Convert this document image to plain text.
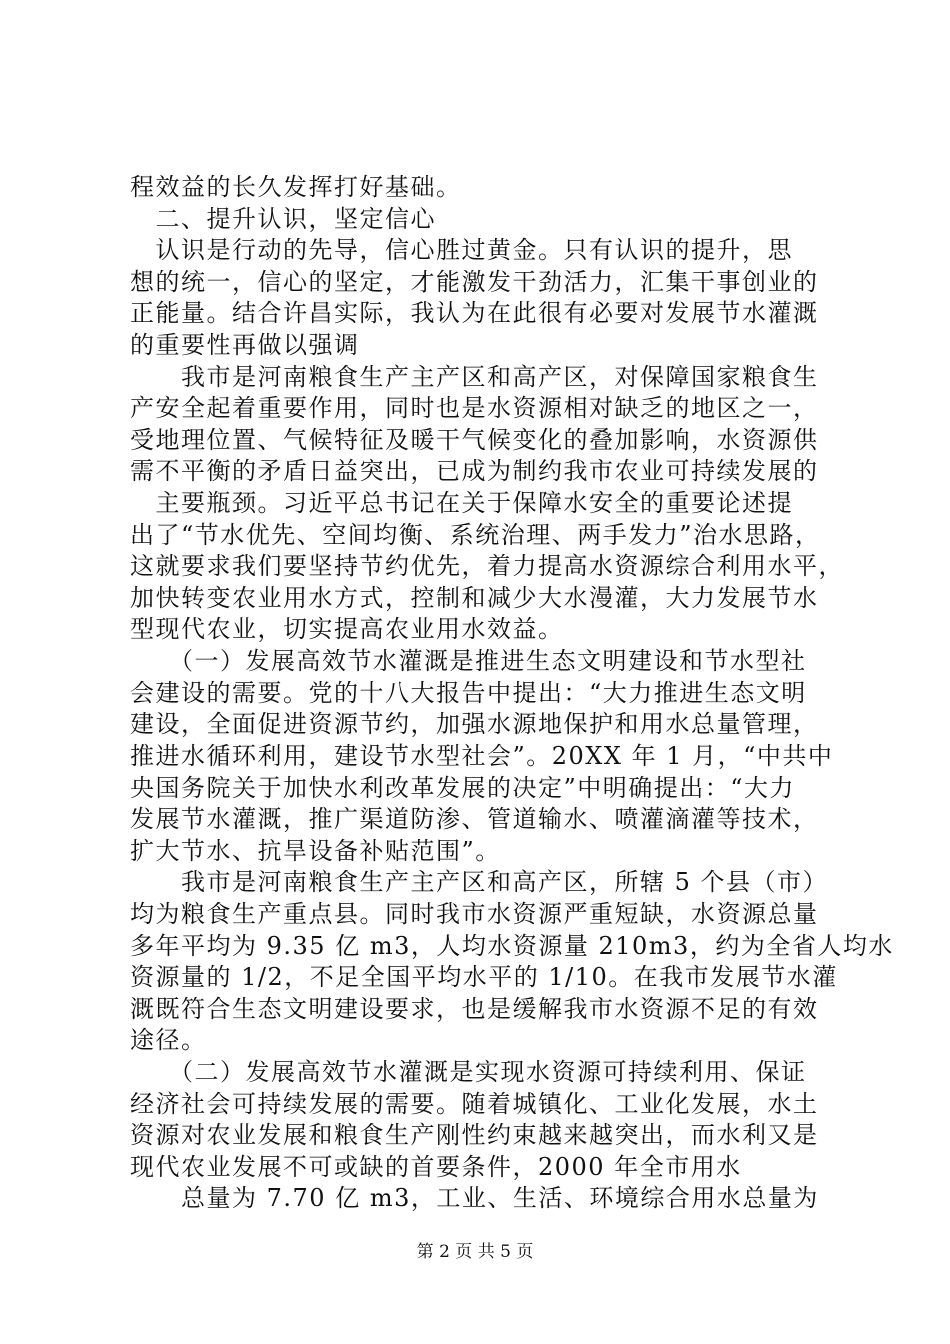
程效益的长久发挥打好基础。
　二、提升认识，坚定信心
　认识是行动的先导，信心胜过黄金。只有认识的提升，思
想的统一，信心的坚定，才能激发干劲活力，汇集干事创业的
正能量。结合许昌实际，我认为在此很有必要对发展节水灌溉
的重要性再做以强调
　　我市是河南粮食生产主产区和高产区，对保障国家粮食生
产安全起着重要作用，同时也是水资源相对缺乏的地区之一，
受地理位置、气候特征及暖干气候变化的叠加影响，水资源供
需不平衡的矛盾日益突出，已成为制约我市农业可持续发展的
　主要瓶颈。习近平总书记在关于保障水安全的重要论述提
出了“节水优先、空间均衡、系统治理、两手发力”治水思路，
这就要求我们要坚持节约优先，着力提高水资源综合利用水平，
加快转变农业用水方式，控制和减少大水漫灌，大力发展节水
型现代农业，切实提高农业用水效益。
　　（一）发展高效节水灌溉是推进生态文明建设和节水型社
会建设的需要。党的十八大报告中提出：“大力推进生态文明
建设，全面促进资源节约，加强水源地保护和用水总量管理，
推进水循环利用，建设节水型社会”。20XX 年 1 月，“中共中
央国务院关于加快水利改革发展的决定”中明确提出：“大力
发展节水灌溉，推广渠道防渗、管道输水、喷灌滴灌等技术，
扩大节水、抗旱设备补贴范围”。
　　我市是河南粮食生产主产区和高产区，所辖 5 个县（市）
均为粮食生产重点县。同时我市水资源严重短缺，水资源总量
多年平均为 9.35 亿 m3，人均水资源量 210m3，约为全省人均水
资源量的 1/2，不足全国平均水平的 1/10。在我市发展节水灌
溉既符合生态文明建设要求，也是缓解我市水资源不足的有效
途径。
　　（二）发展高效节水灌溉是实现水资源可持续利用、保证
经济社会可持续发展的需要。随着城镇化、工业化发展，水土
资源对农业发展和粮食生产刚性约束越来越突出，而水利又是
现代农业发展不可或缺的首要条件，2000 年全市用水
　　总量为 7.70 亿 m3，工业、生活、环境综合用水总量为
第 2 页 共 5 页
